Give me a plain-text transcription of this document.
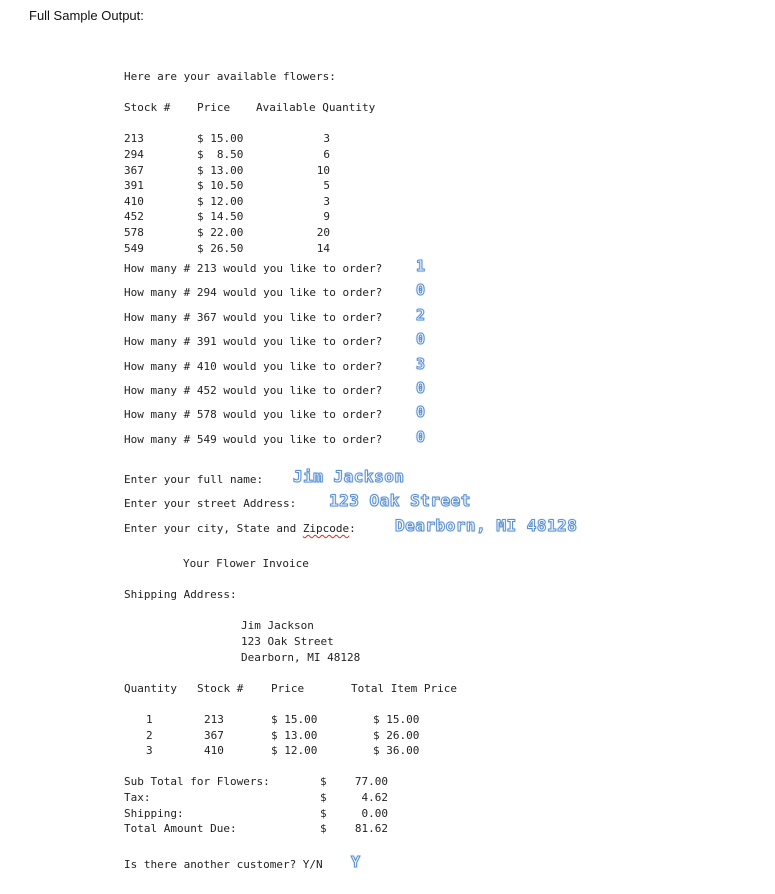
Full Sample Output:
Here are your available flowers:
Stock # Price Available Quantity
213	$ 15.00	3
294	$  8.50	6
367	$ 13.00	10
391	$ 10.50	5
410	$ 12.00	3
452	$ 14.50	9
578	$ 22.00	20
549	$ 26.50	14
How many # 213 would you like to order? 1
How many # 294 would you like to order? 0
How many # 367 would you like to order? 2
How many # 391 would you like to order? 0
How many # 410 would you like to order? 3
How many # 452 would you like to order? 0
How many # 578 would you like to order? 0
How many # 549 would you like to order? 0
Enter your full name: Jim Jackson
Enter your street Address: 123 Oak Street
Enter your city, State and Zipcode: Dearborn, MI 48128
Your Flower Invoice
Shipping Address:
Jim Jackson
123 Oak Street
Dearborn, MI 48128
Quantity Stock #	Price	Total Item Price
1	213	$ 15.00	$ 15.00
2	367	$ 13.00	$ 26.00
3	410	$ 12.00	$ 36.00
Sub Total for Flowers:	$	77.00
Tax:	$	4.62
Shipping:	$	0.00
Total Amount Due:	$	81.62
Is there another customer? Y/N Y
